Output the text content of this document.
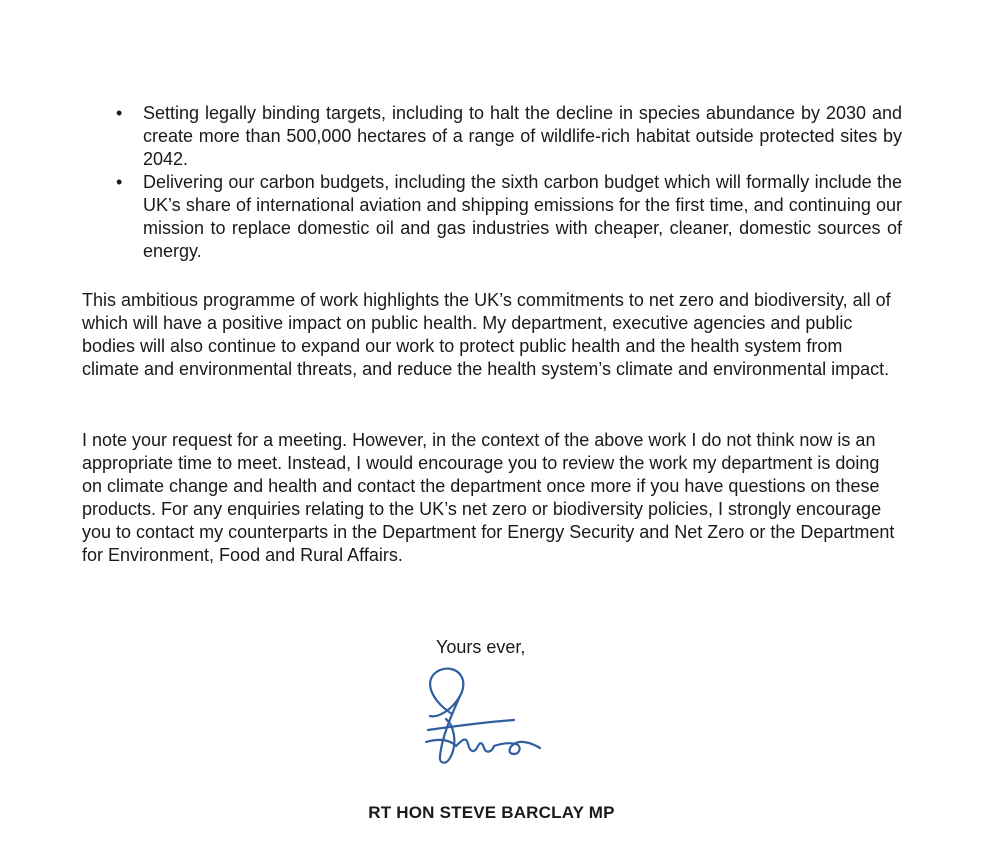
• Setting legally binding targets, including to halt the decline in species abundance by 2030 and create more than 500,000 hectares of a range of wildlife-rich habitat outside protected sites by 2042.
• Delivering our carbon budgets, including the sixth carbon budget which will formally include the UK’s share of international aviation and shipping emissions for the first time, and continuing our mission to replace domestic oil and gas industries with cheaper, cleaner, domestic sources of energy.

This ambitious programme of work highlights the UK’s commitments to net zero and biodiversity, all of which will have a positive impact on public health. My department, executive agencies and public bodies will also continue to expand our work to protect public health and the health system from climate and environmental threats, and reduce the health system’s climate and environmental impact.

I note your request for a meeting. However, in the context of the above work I do not think now is an appropriate time to meet. Instead, I would encourage you to review the work my department is doing on climate change and health and contact the department once more if you have questions on these products. For any enquiries relating to the UK’s net zero or biodiversity policies, I strongly encourage you to contact my counterparts in the Department for Energy Security and Net Zero or the Department for Environment, Food and Rural Affairs.

Yours ever,

RT HON STEVE BARCLAY MP
